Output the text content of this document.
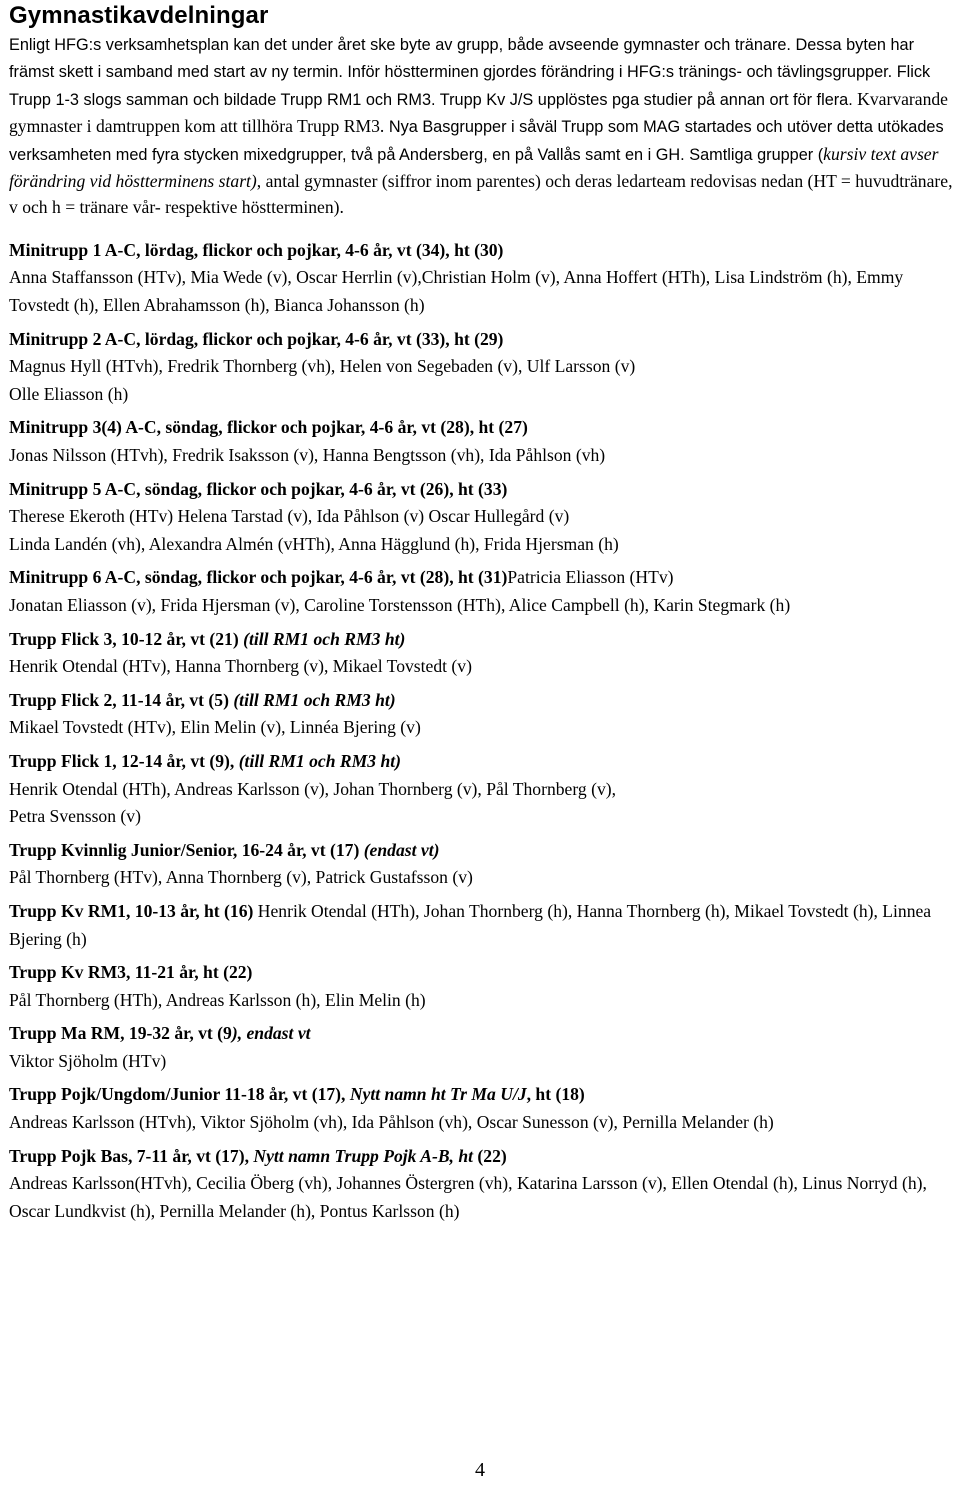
Gymnastikavdelningar

Enligt HFG:s verksamhetsplan kan det under året ske byte av grupp, både avseende gymnaster och tränare. Dessa byten har främst skett i samband med start av ny termin. Inför höstterminen gjordes förändring i HFG:s tränings- och tävlingsgrupper. Flick Trupp 1-3 slogs samman och bildade Trupp RM1 och RM3. Trupp Kv J/S upplöstes pga studier på annan ort för flera. Kvarvarande gymnaster i damtruppen kom att tillhöra Trupp RM3. Nya Basgrupper i såväl Trupp som MAG startades och utöver detta utökades verksamheten med fyra stycken mixedgrupper, två på Andersberg, en på Vallås samt en i GH. Samtliga grupper (kursiv text avser förändring vid höstterminens start), antal gymnaster (siffror inom parentes) och deras ledarteam redovisas nedan (HT = huvudtränare, v och h = tränare vår- respektive höstterminen).

Minitrupp 1 A-C, lördag, flickor och pojkar, 4-6 år, vt (34), ht (30)

Anna Staffansson (HTv), Mia Wede (v), Oscar Herrlin (v),Christian Holm (v), Anna Hoffert (HTh), Lisa Lindström (h), Emmy Tovstedt (h), Ellen Abrahamsson (h), Bianca Johansson (h)

Minitrupp 2 A-C, lördag, flickor och pojkar, 4-6 år, vt (33), ht (29)

Magnus Hyll (HTvh), Fredrik Thornberg (vh), Helen von Segebaden (v), Ulf Larsson (v)

Olle Eliasson (h)

Minitrupp 3(4) A-C, söndag, flickor och pojkar, 4-6 år, vt (28), ht (27)

Jonas Nilsson (HTvh), Fredrik Isaksson (v), Hanna Bengtsson (vh), Ida Påhlson (vh)

Minitrupp 5 A-C, söndag, flickor och pojkar, 4-6 år, vt (26), ht (33)

Therese Ekeroth (HTv) Helena Tarstad (v), Ida Påhlson (v) Oscar Hullegård (v)

Linda Landén (vh), Alexandra Almén (vHTh), Anna Hägglund (h), Frida Hjersman (h)

Minitrupp 6 A-C, söndag, flickor och pojkar, 4-6 år, vt (28), ht (31)Patricia Eliasson (HTv)

Jonatan Eliasson (v), Frida Hjersman (v), Caroline Torstensson (HTh), Alice Campbell (h), Karin Stegmark (h)

Trupp Flick 3, 10-12 år, vt (21) (till RM1 och RM3 ht)

Henrik Otendal (HTv), Hanna Thornberg (v), Mikael Tovstedt (v)

Trupp Flick 2, 11-14 år, vt (5) (till RM1 och RM3 ht)

Mikael Tovstedt (HTv), Elin Melin (v), Linnéa Bjering (v)

Trupp Flick 1, 12-14 år, vt (9), (till RM1 och RM3 ht)

Henrik Otendal (HTh), Andreas Karlsson (v), Johan Thornberg (v), Pål Thornberg (v),

Petra Svensson (v)

Trupp Kvinnlig Junior/Senior, 16-24 år, vt (17) (endast vt)

Pål Thornberg (HTv), Anna Thornberg (v), Patrick Gustafsson (v)

Trupp Kv RM1, 10-13 år, ht (16) Henrik Otendal (HTh), Johan Thornberg (h), Hanna Thornberg (h), Mikael Tovstedt (h), Linnea Bjering (h)

Trupp Kv RM3, 11-21 år, ht (22)

Pål Thornberg (HTh), Andreas Karlsson (h), Elin Melin (h)

Trupp Ma RM, 19-32 år, vt (9), endast vt

Viktor Sjöholm (HTv)

Trupp Pojk/Ungdom/Junior 11-18 år, vt (17), Nytt namn ht Tr Ma U/J, ht (18)

Andreas Karlsson (HTvh), Viktor Sjöholm (vh), Ida Påhlson (vh), Oscar Sunesson (v), Pernilla Melander (h)

Trupp Pojk Bas, 7-11 år, vt (17), Nytt namn Trupp Pojk A-B, ht (22)

Andreas Karlsson(HTvh), Cecilia Öberg (vh), Johannes Östergren (vh), Katarina Larsson (v), Ellen Otendal (h), Linus Norryd (h), Oscar Lundkvist (h), Pernilla Melander (h), Pontus Karlsson (h)

4
